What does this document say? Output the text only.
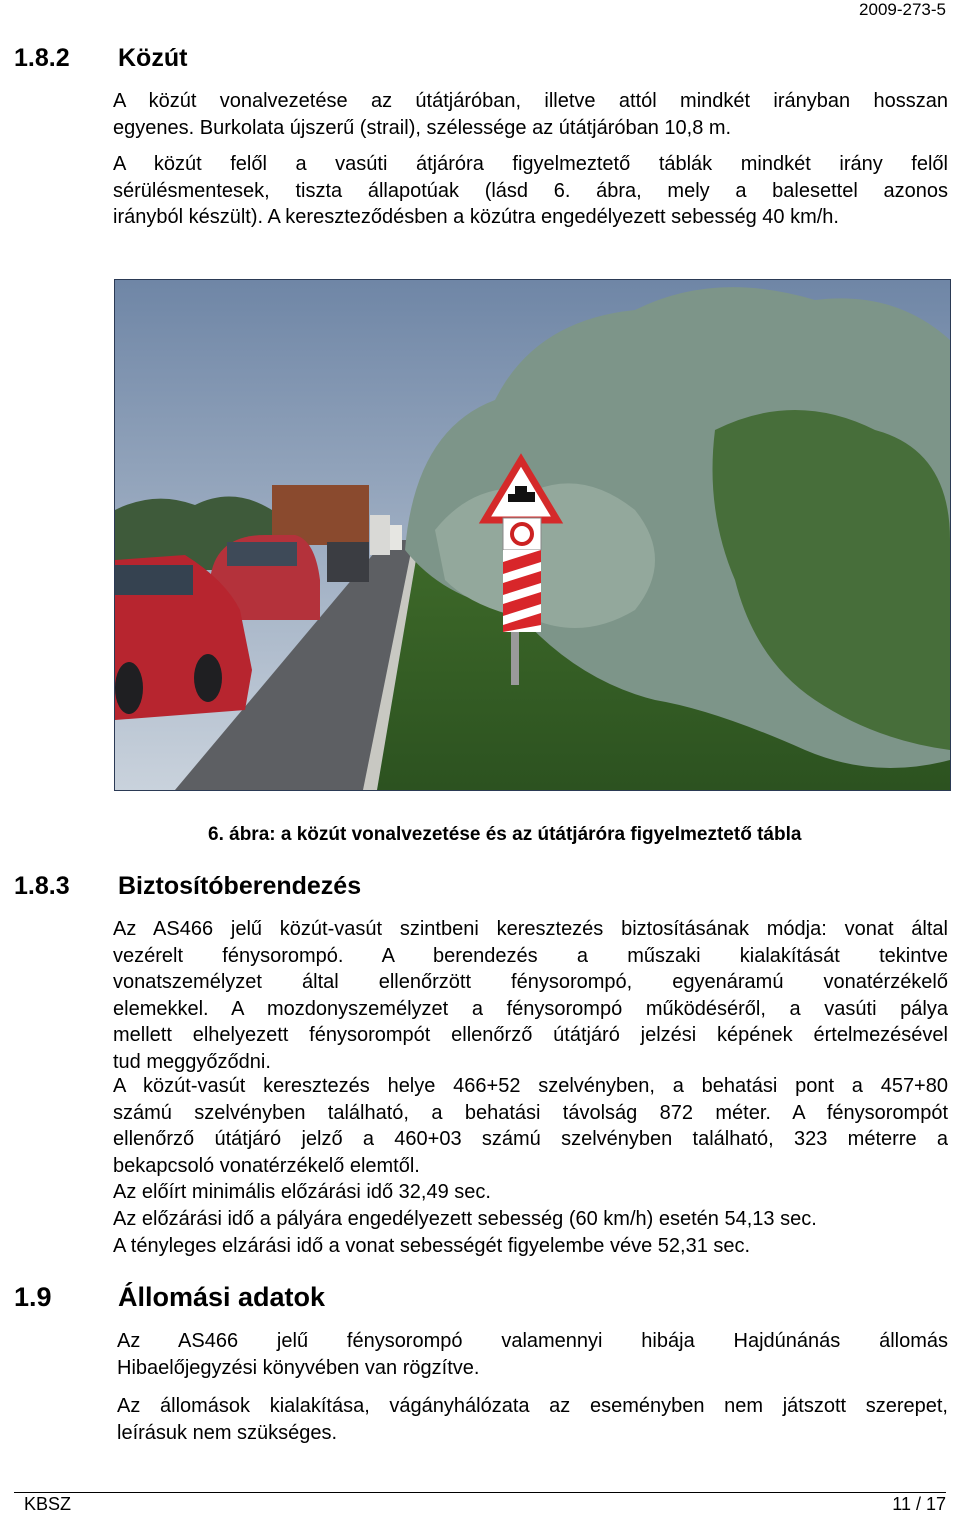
2009-273-5
1.8.2 Közút
A közút vonalvezetése az útátjáróban, illetve attól mindkét irányban hosszan
egyenes. Burkolata újszerű (strail), szélessége az útátjáróban 10,8 m.
A közút felől a vasúti átjáróra figyelmeztető táblák mindkét irány felől
sérülésmentesek, tiszta állapotúak (lásd 6. ábra, mely a balesettel azonos
irányból készült). A kereszteződésben a közútra engedélyezett sebesség 40 km/h.
6. ábra: a közút vonalvezetése és az útátjáróra figyelmeztető tábla
1.8.3 Biztosítóberendezés
Az AS466 jelű közút-vasút szintbeni keresztezés biztosításának módja: vonat által
vezérelt fénysorompó. A berendezés a műszaki kialakítását tekintve
vonatszemélyzet által ellenőrzött fénysorompó, egyenáramú vonatérzékelő
elemekkel. A mozdonyszemélyzet a fénysorompó működéséről, a vasúti pálya
mellett elhelyezett fénysorompót ellenőrző útátjáró jelzési képének értelmezésével
tud meggyőződni.
A közút-vasút keresztezés helye 466+52 szelvényben, a behatási pont a 457+80
számú szelvényben található, a behatási távolság 872 méter. A fénysorompót
ellenőrző útátjáró jelző a 460+03 számú szelvényben található, 323 méterre a
bekapcsoló vonatérzékelő elemtől.
Az előírt minimális előzárási idő 32,49 sec.
Az előzárási idő a pályára engedélyezett sebesség (60 km/h) esetén 54,13 sec.
A tényleges elzárási idő a vonat sebességét figyelembe véve 52,31 sec.
1.9 Állomási adatok
Az AS466 jelű fénysorompó valamennyi hibája Hajdúnánás állomás
Hibaelőjegyzési könyvében van rögzítve.
Az állomások kialakítása, vágányhálózata az eseményben nem játszott szerepet,
leírásuk nem szükséges.
KBSZ	11 / 17
